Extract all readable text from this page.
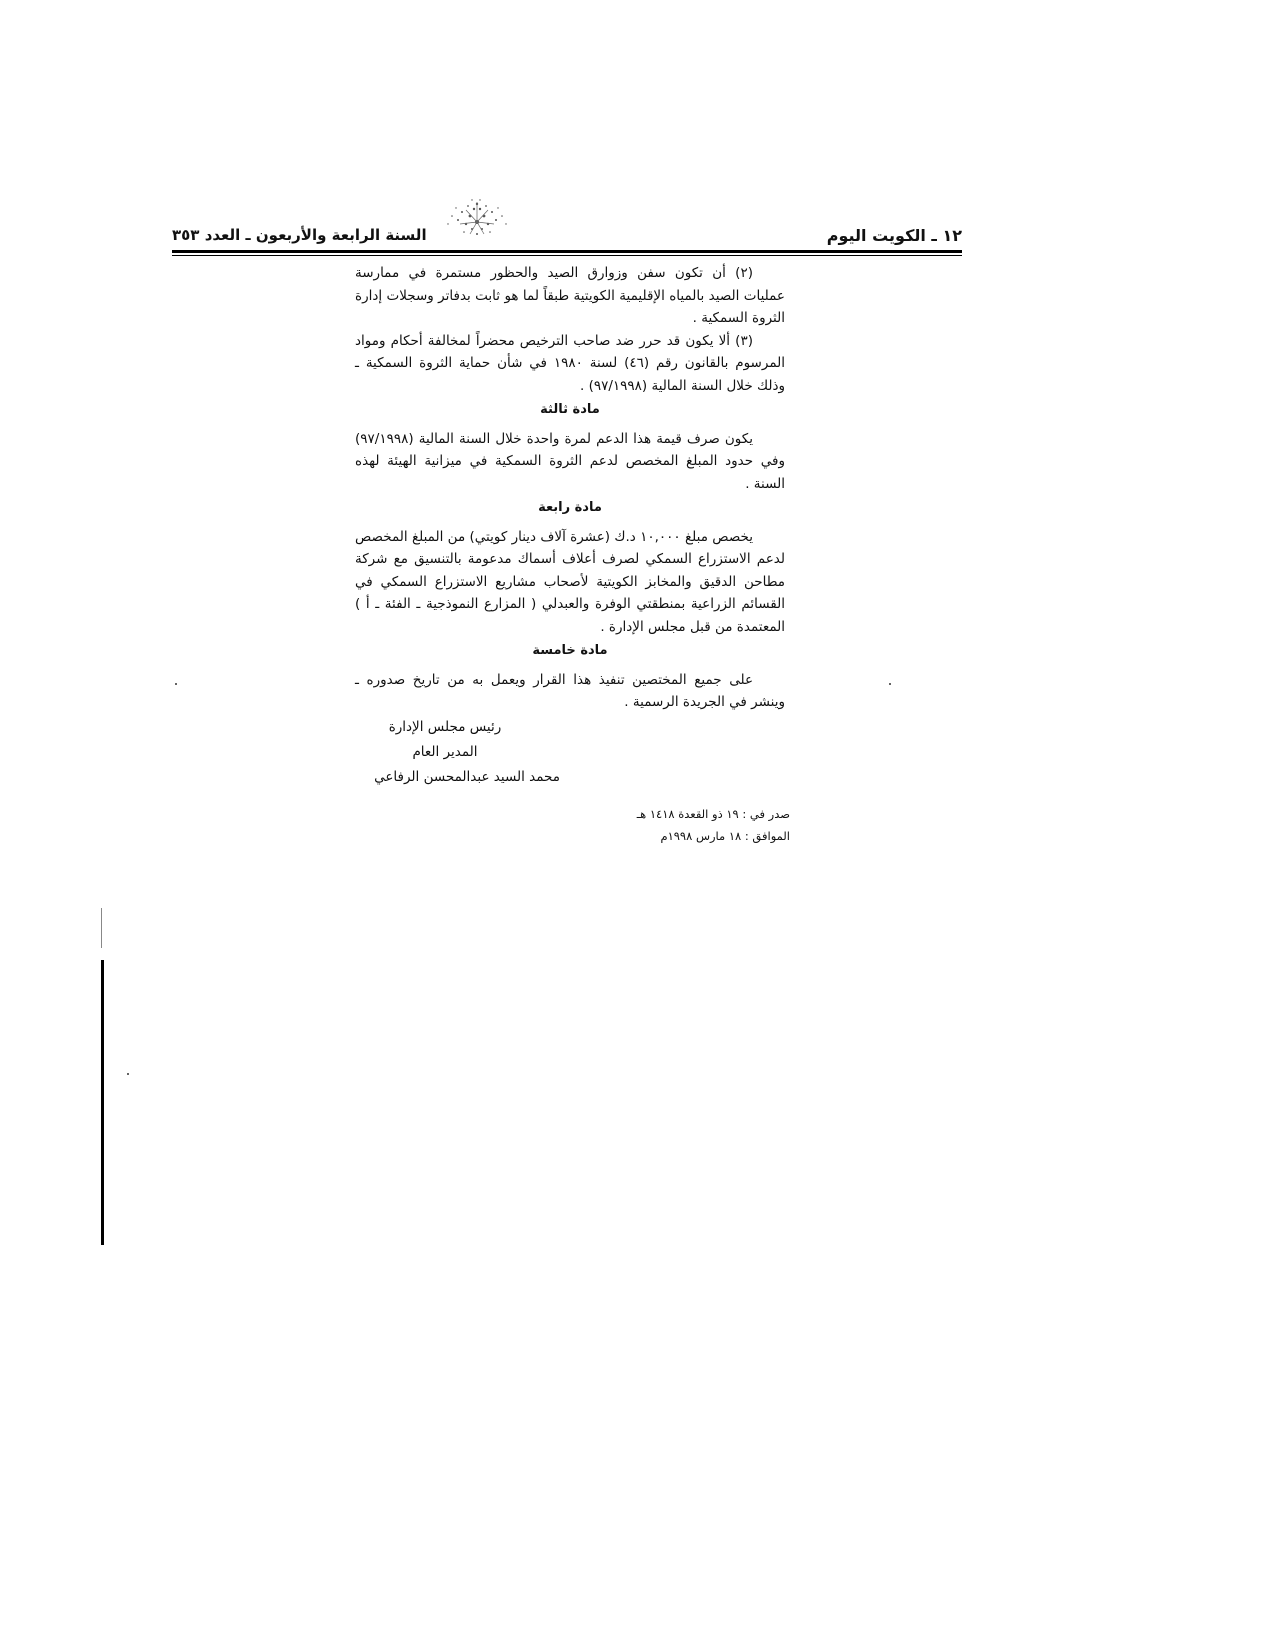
السنة الرابعة والأربعون ـ العدد ٣٥٣	١٢ ـ الكويت اليوم

(٢) أن تكون سفن وزوارق الصيد والحظور مستمرة في ممارسة عمليات الصيد بالمياه الإقليمية الكويتية طبقاً لما هو ثابت بدفاتر وسجلات إدارة الثروة السمكية .

(٣) ألا يكون قد حرر ضد صاحب الترخيص محضراً لمخالفة أحكام ومواد المرسوم بالقانون رقم (٤٦) لسنة ١٩٨٠ في شأن حماية الثروة السمكية ـ وذلك خلال السنة المالية (٩٧/١٩٩٨) .

مادة ثالثة

يكون صرف قيمة هذا الدعم لمرة واحدة خلال السنة المالية (٩٧/١٩٩٨) وفي حدود المبلغ المخصص لدعم الثروة السمكية في ميزانية الهيئة لهذه السنة .

مادة رابعة

يخصص مبلغ ١٠,٠٠٠ د.ك (عشرة آلاف دينار كويتي) من المبلغ المخصص لدعم الاستزراع السمكي لصرف أعلاف أسماك مدعومة بالتنسيق مع شركة مطاحن الدقيق والمخابز الكويتية لأصحاب مشاريع الاستزراع السمكي في القسائم الزراعية بمنطقتي الوفرة والعبدلي ( المزارع النموذجية ـ الفئة ـ أ ) المعتمدة من قبل مجلس الإدارة .

مادة خامسة

على جميع المختصين تنفيذ هذا القرار ويعمل به من تاريخ صدوره ـ وينشر في الجريدة الرسمية .

رئيس مجلس الإدارة
المدير العام
محمد السيد عبدالمحسن الرفاعي
صدر في : ١٩ ذو القعدة ١٤١٨ هـ
الموافق : ١٨ مارس ١٩٩٨م
